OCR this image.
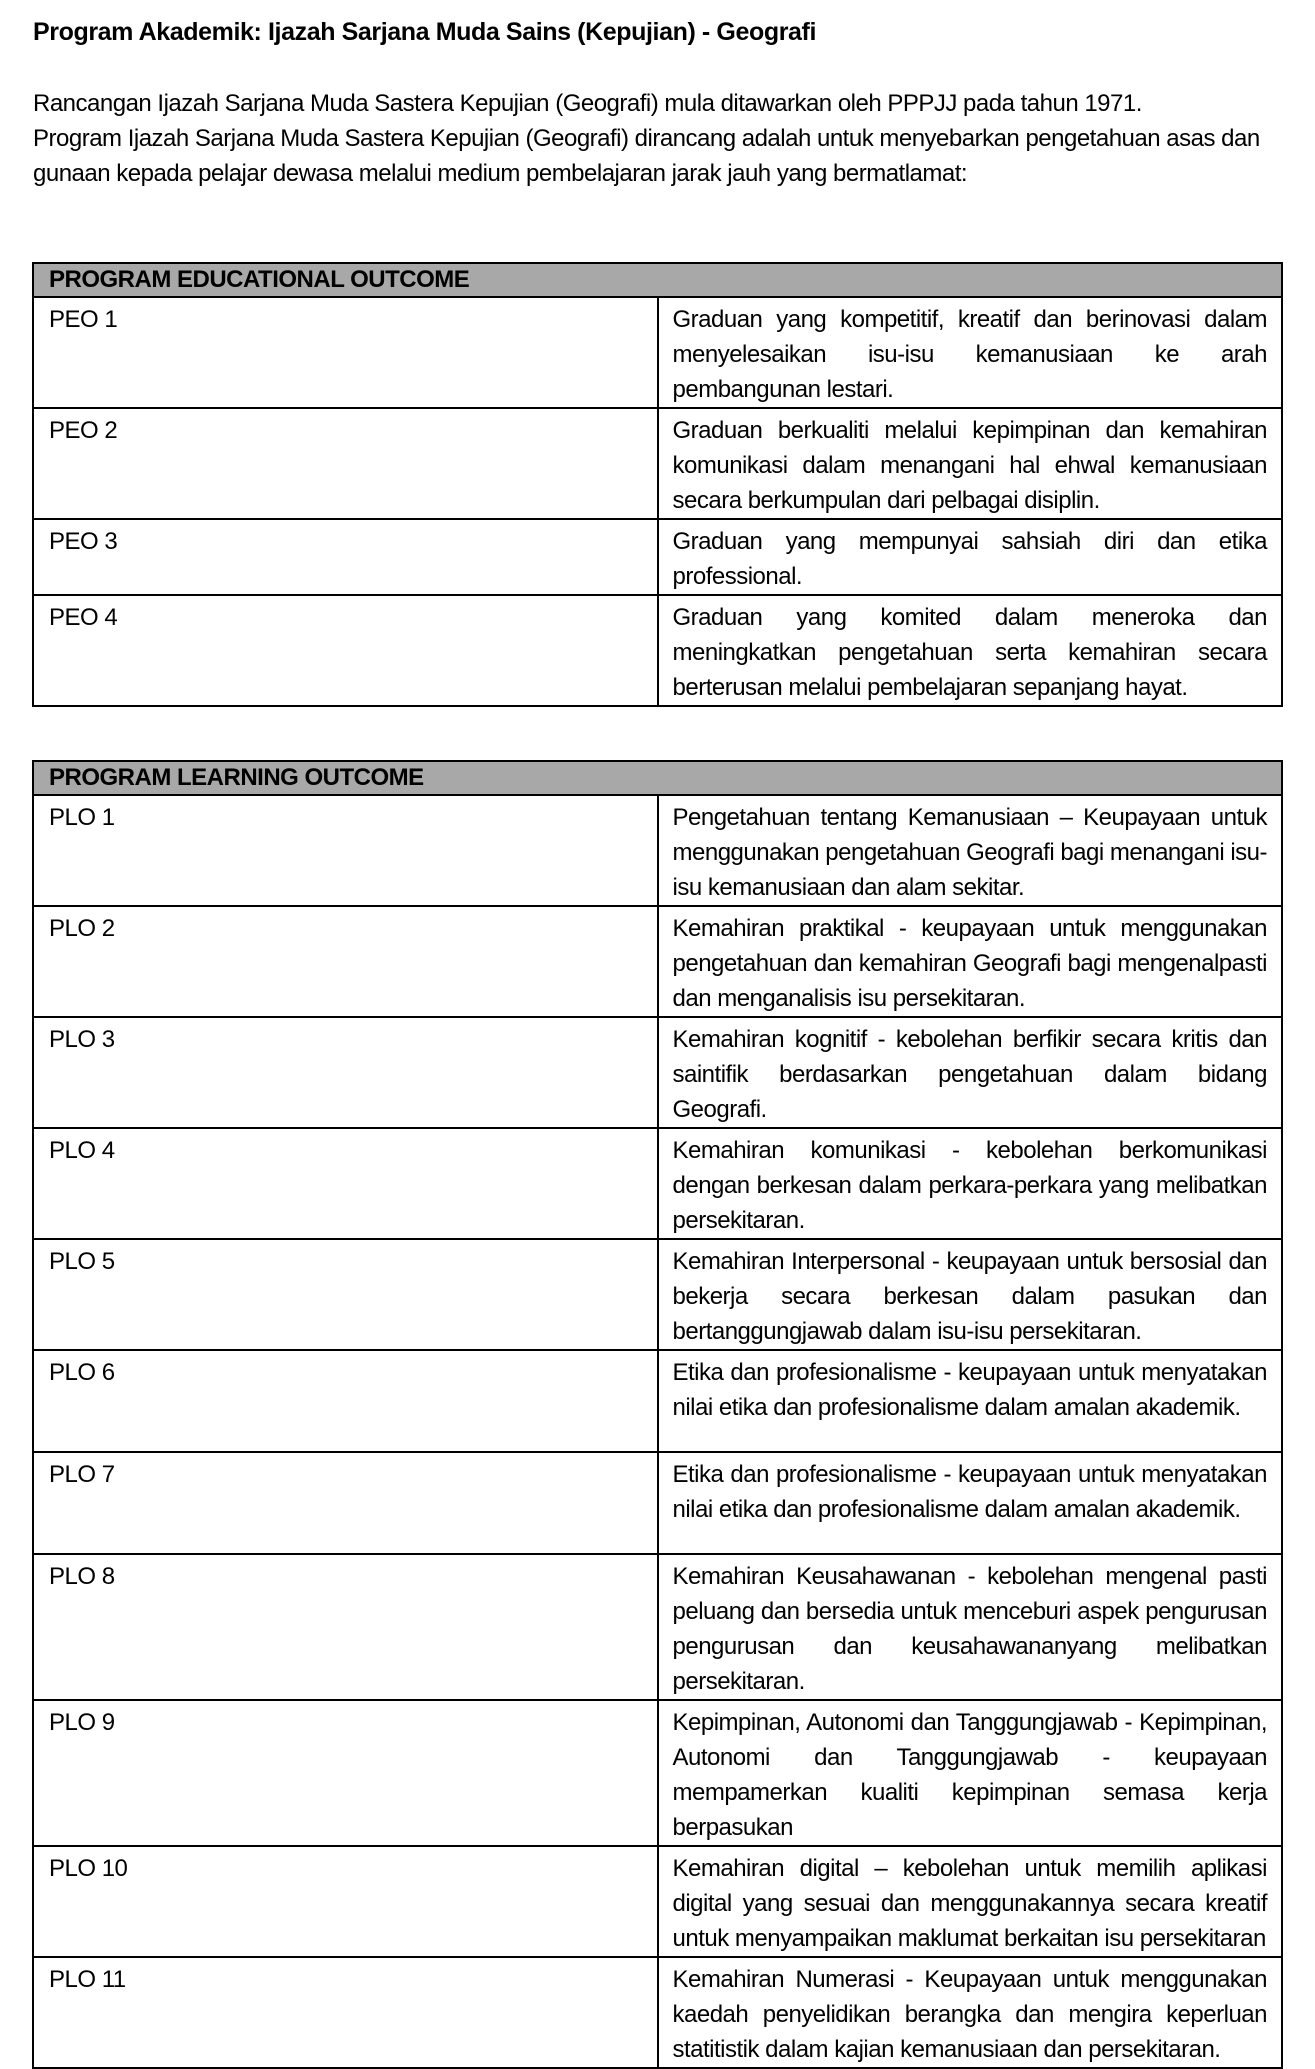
Program Akademik: Ijazah Sarjana Muda Sains (Kepujian) - Geografi

Rancangan Ijazah Sarjana Muda Sastera Kepujian (Geografi) mula ditawarkan oleh PPPJJ pada tahun 1971.

Program Ijazah Sarjana Muda Sastera Kepujian (Geografi) dirancang adalah untuk menyebarkan pengetahuan asas dan gunaan kepada pelajar dewasa melalui medium pembelajaran jarak jauh yang bermatlamat:

PROGRAM EDUCATIONAL OUTCOME	
PEO 1	Graduan yang kompetitif, kreatif dan berinovasi dalam menyelesaikan isu-isu kemanusiaan ke arah pembangunan lestari.
PEO 2	Graduan berkualiti melalui kepimpinan dan kemahiran komunikasi dalam menangani hal ehwal kemanusiaan secara berkumpulan dari pelbagai disiplin.
PEO 3	Graduan yang mempunyai sahsiah diri dan etika professional.
PEO 4	Graduan yang komited dalam meneroka dan meningkatkan pengetahuan serta kemahiran secara berterusan melalui pembelajaran sepanjang hayat.
PROGRAM LEARNING OUTCOME	
PLO 1	Pengetahuan tentang Kemanusiaan – Keupayaan untuk menggunakan pengetahuan Geografi bagi menangani isu-isu kemanusiaan dan alam sekitar.
PLO 2	Kemahiran praktikal - keupayaan untuk menggunakan pengetahuan dan kemahiran Geografi bagi mengenalpasti dan menganalisis isu persekitaran.
PLO 3	Kemahiran kognitif - kebolehan berfikir secara kritis dan saintifik berdasarkan pengetahuan dalam bidang Geografi.
PLO 4	Kemahiran komunikasi - kebolehan berkomunikasi dengan berkesan dalam perkara-perkara yang melibatkan persekitaran.
PLO 5	Kemahiran Interpersonal - keupayaan untuk bersosial dan bekerja secara berkesan dalam pasukan dan bertanggungjawab dalam isu-isu persekitaran.
PLO 6	Etika dan profesionalisme - keupayaan untuk menyatakan nilai etika dan profesionalisme dalam amalan akademik.
PLO 7	Etika dan profesionalisme - keupayaan untuk menyatakan nilai etika dan profesionalisme dalam amalan akademik.
PLO 8	Kemahiran Keusahawanan - kebolehan mengenal pasti peluang dan bersedia untuk menceburi aspek pengurusan pengurusan dan keusahawananyang melibatkan persekitaran.
PLO 9	Kepimpinan, Autonomi dan Tanggungjawab - Kepimpinan, Autonomi dan Tanggungjawab - keupayaan mempamerkan kualiti kepimpinan semasa kerja berpasukan
PLO 10	Kemahiran digital – kebolehan untuk memilih aplikasi digital yang sesuai dan menggunakannya secara kreatif untuk menyampaikan maklumat berkaitan isu persekitaran
PLO 11	Kemahiran Numerasi - Keupayaan untuk menggunakan kaedah penyelidikan berangka dan mengira keperluan statitistik dalam kajian kemanusiaan dan persekitaran.
